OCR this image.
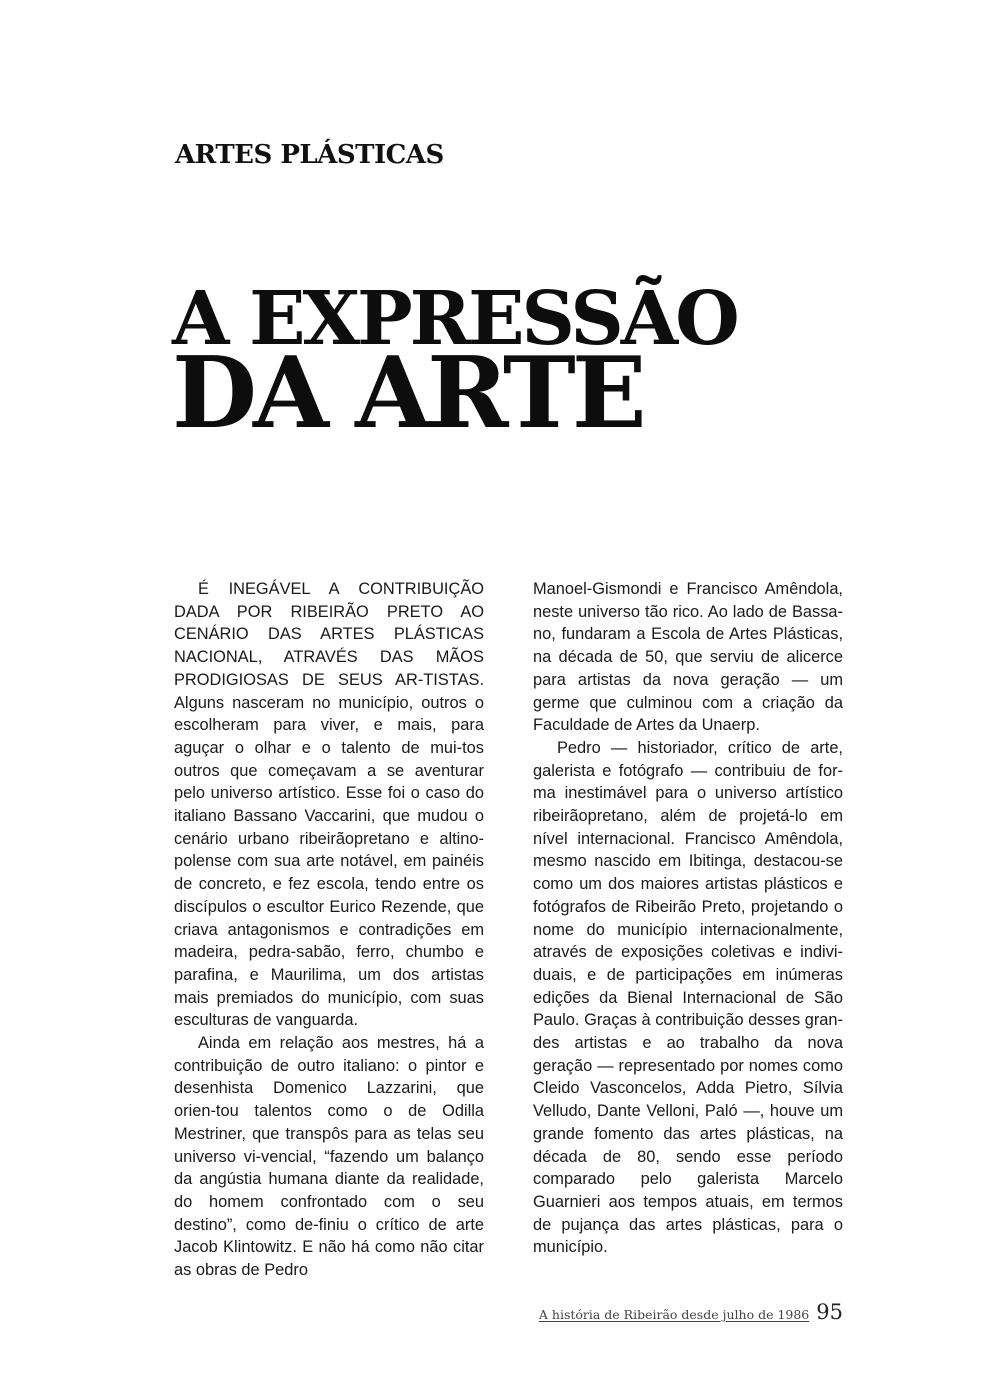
ARTES PLÁSTICAS
A EXPRESSÃO
DA ARTE

É INEGÁVEL A CONTRIBUIÇÃO DADA POR RIBEIRÃO PRETO AO CENÁRIO DAS ARTES PLÁSTICAS NACIONAL, ATRAVÉS DAS MÃOS PRODIGIOSAS DE SEUS AR-TISTAS. Alguns nasceram no município, outros o escolheram para viver, e mais, para aguçar o olhar e o talento de mui-tos outros que começavam a se aventurar pelo universo artístico. Esse foi o caso do italiano Bassano Vaccarini, que mudou o cenário urbano ribeirãopretano e altino-polense com sua arte notável, em painéis de concreto, e fez escola, tendo entre os discípulos o escultor Eurico Rezende, que criava antagonismos e contradições em madeira, pedra-sabão, ferro, chumbo e parafina, e Maurilima, um dos artistas mais premiados do município, com suas esculturas de vanguarda.

Ainda em relação aos mestres, há a contribuição de outro italiano: o pintor e desenhista Domenico Lazzarini, que orien-tou talentos como o de Odilla Mestriner, que transpôs para as telas seu universo vi-vencial, “fazendo um balanço da angústia humana diante da realidade, do homem confrontado com o seu destino”, como de-finiu o crítico de arte Jacob Klintowitz. E não há como não citar as obras de Pedro

Manoel-Gismondi e Francisco Amêndola, neste universo tão rico. Ao lado de Bassa-no, fundaram a Escola de Artes Plásticas, na década de 50, que serviu de alicerce para artistas da nova geração — um germe que culminou com a criação da Faculdade de Artes da Unaerp.

Pedro — historiador, crítico de arte, galerista e fotógrafo — contribuiu de for-ma inestimável para o universo artístico ribeirãopretano, além de projetá-lo em nível internacional. Francisco Amêndola, mesmo nascido em Ibitinga, destacou-se como um dos maiores artistas plásticos e fotógrafos de Ribeirão Preto, projetando o nome do município internacionalmente, através de exposições coletivas e indivi-duais, e de participações em inúmeras edições da Bienal Internacional de São Paulo. Graças à contribuição desses gran-des artistas e ao trabalho da nova geração — representado por nomes como Cleido Vasconcelos, Adda Pietro, Sílvia Velludo, Dante Velloni, Paló —, houve um grande fomento das artes plásticas, na década de 80, sendo esse período comparado pelo galerista Marcelo Guarnieri aos tempos atuais, em termos de pujança das artes plásticas, para o município.

A história de Ribeirão desde julho de 1986 95
